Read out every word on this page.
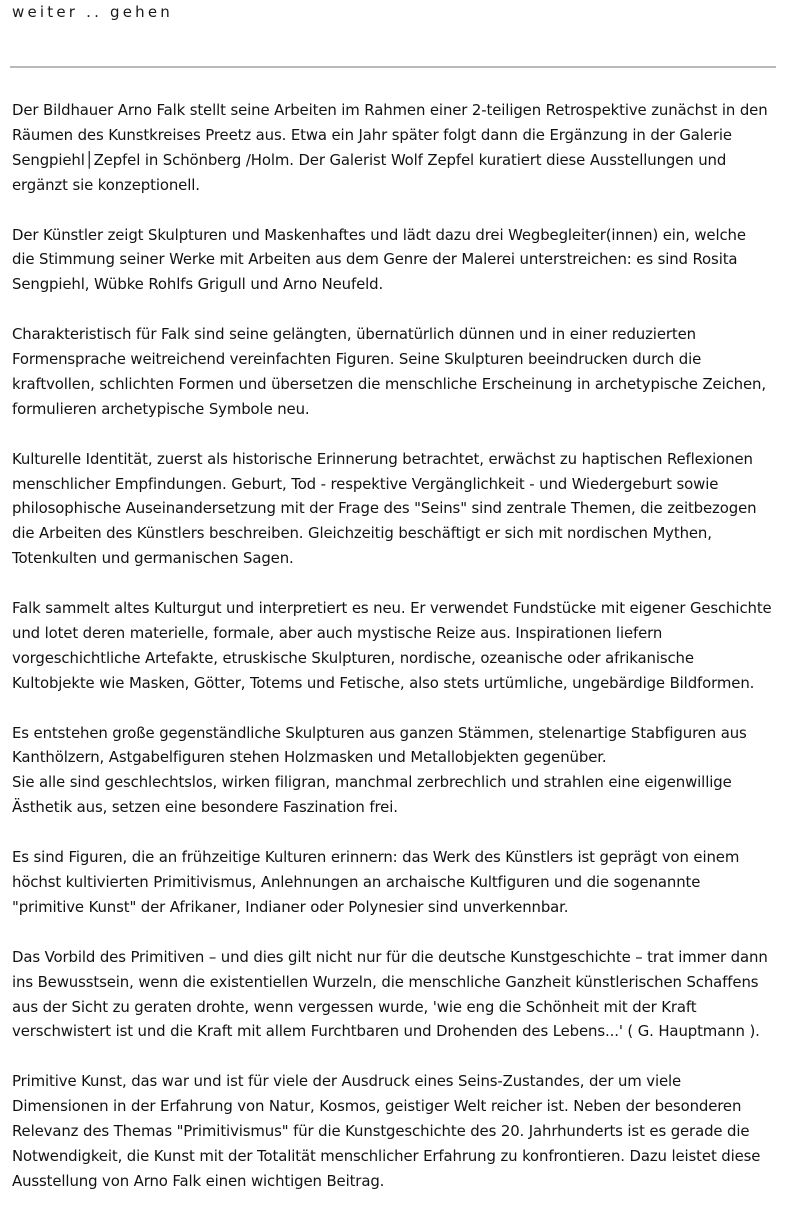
weiter .. gehen

Der Bildhauer Arno Falk stellt seine Arbeiten im Rahmen einer 2-teiligen Retrospektive zunächst in den
Räumen des Kunstkreises Preetz aus. Etwa ein Jahr später folgt dann die Ergänzung in der Galerie
Sengpiehl│Zepfel in Schönberg /Holm. Der Galerist Wolf Zepfel kuratiert diese Ausstellungen und
ergänzt sie konzeptionell.

Der Künstler zeigt Skulpturen und Maskenhaftes und lädt dazu drei Wegbegleiter(innen) ein, welche
die Stimmung seiner Werke mit Arbeiten aus dem Genre der Malerei unterstreichen: es sind Rosita
Sengpiehl, Wübke Rohlfs Grigull und Arno Neufeld.

Charakteristisch für Falk sind seine gelängten, übernatürlich dünnen und in einer reduzierten
Formensprache weitreichend vereinfachten Figuren. Seine Skulpturen beeindrucken durch die
kraftvollen, schlichten Formen und übersetzen die menschliche Erscheinung in archetypische Zeichen,
formulieren archetypische Symbole neu.

Kulturelle Identität, zuerst als historische Erinnerung betrachtet, erwächst zu haptischen Reflexionen
menschlicher Empfindungen. Geburt, Tod - respektive Vergänglichkeit - und Wiedergeburt sowie
philosophische Auseinandersetzung mit der Frage des "Seins" sind zentrale Themen, die zeitbezogen
die Arbeiten des Künstlers beschreiben. Gleichzeitig beschäftigt er sich mit nordischen Mythen,
Totenkulten und germanischen Sagen.

Falk sammelt altes Kulturgut und interpretiert es neu. Er verwendet Fundstücke mit eigener Geschichte
und lotet deren materielle, formale, aber auch mystische Reize aus. Inspirationen liefern
vorgeschichtliche Artefakte, etruskische Skulpturen, nordische, ozeanische oder afrikanische
Kultobjekte wie Masken, Götter, Totems und Fetische, also stets urtümliche, ungebärdige Bildformen.

Es entstehen große gegenständliche Skulpturen aus ganzen Stämmen, stelenartige Stabfiguren aus
Kanthölzern, Astgabelfiguren stehen Holzmasken und Metallobjekten gegenüber.
Sie alle sind geschlechtslos, wirken filigran, manchmal zerbrechlich und strahlen eine eigenwillige
Ästhetik aus, setzen eine besondere Faszination frei.

Es sind Figuren, die an frühzeitige Kulturen erinnern: das Werk des Künstlers ist geprägt von einem
höchst kultivierten Primitivismus, Anlehnungen an archaische Kultfiguren und die sogenannte
"primitive Kunst" der Afrikaner, Indianer oder Polynesier sind unverkennbar.

Das Vorbild des Primitiven – und dies gilt nicht nur für die deutsche Kunstgeschichte – trat immer dann
ins Bewusstsein, wenn die existentiellen Wurzeln, die menschliche Ganzheit künstlerischen Schaffens
aus der Sicht zu geraten drohte, wenn vergessen wurde, 'wie eng die Schönheit mit der Kraft
verschwistert ist und die Kraft mit allem Furchtbaren und Drohenden des Lebens...' ( G. Hauptmann ).

Primitive Kunst, das war und ist für viele der Ausdruck eines Seins-Zustandes, der um viele
Dimensionen in der Erfahrung von Natur, Kosmos, geistiger Welt reicher ist. Neben der besonderen
Relevanz des Themas "Primitivismus" für die Kunstgeschichte des 20. Jahrhunderts ist es gerade die
Notwendigkeit, die Kunst mit der Totalität menschlicher Erfahrung zu konfrontieren. Dazu leistet diese
Ausstellung von Arno Falk einen wichtigen Beitrag.
